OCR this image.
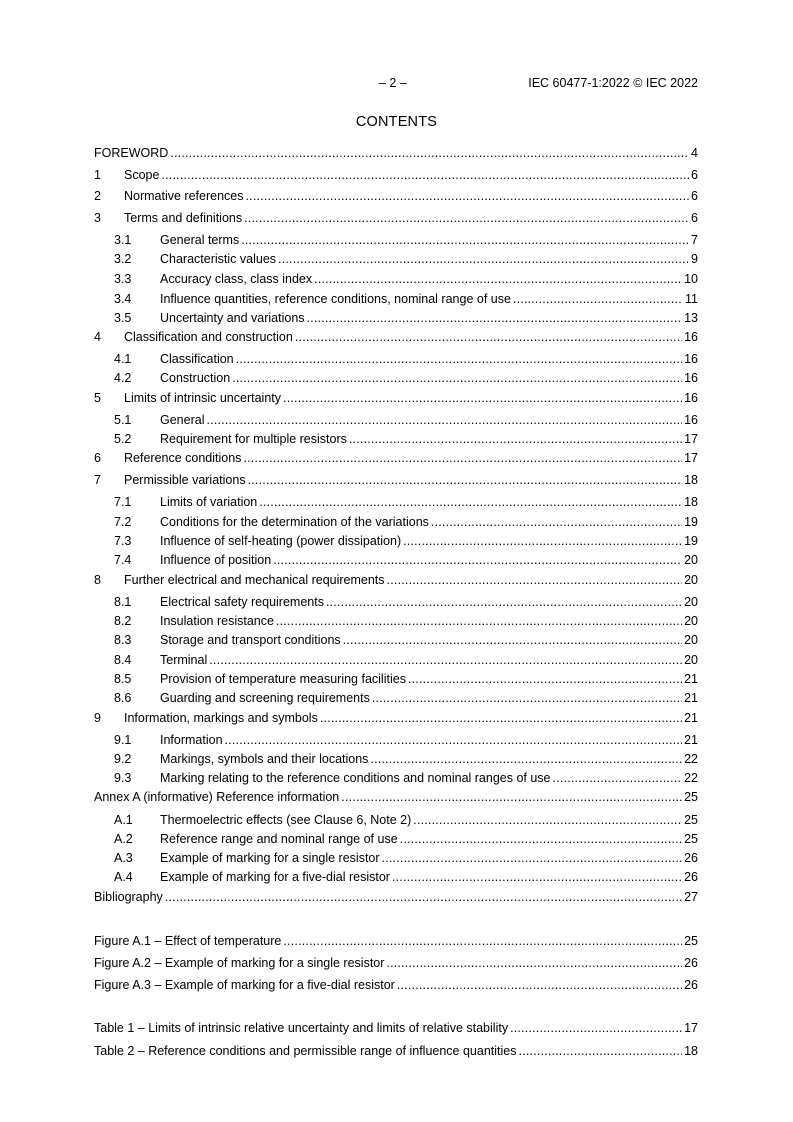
– 2 –	IEC 60477-1:2022 © IEC 2022
CONTENTS
FOREWORD .....	4
1	Scope .....	6
2	Normative references .....	6
3	Terms and definitions .....	6
3.1	General terms .....	7
3.2	Characteristic values .....	9
3.3	Accuracy class, class index .....	10
3.4	Influence quantities, reference conditions, nominal range of use .....	11
3.5	Uncertainty and variations .....	13
4	Classification and construction .....	16
4.1	Classification .....	16
4.2	Construction .....	16
5	Limits of intrinsic uncertainty .....	16
5.1	General .....	16
5.2	Requirement for multiple resistors .....	17
6	Reference conditions .....	17
7	Permissible variations .....	18
7.1	Limits of variation .....	18
7.2	Conditions for the determination of the variations .....	19
7.3	Influence of self-heating (power dissipation) .....	19
7.4	Influence of position .....	20
8	Further electrical and mechanical requirements .....	20
8.1	Electrical safety requirements .....	20
8.2	Insulation resistance .....	20
8.3	Storage and transport conditions .....	20
8.4	Terminal .....	20
8.5	Provision of temperature measuring facilities .....	21
8.6	Guarding and screening requirements .....	21
9	Information, markings and symbols .....	21
9.1	Information .....	21
9.2	Markings, symbols and their locations .....	22
9.3	Marking relating to the reference conditions and nominal ranges of use .....	22
Annex A (informative) Reference information .....	25
A.1	Thermoelectric effects (see Clause 6, Note 2) .....	25
A.2	Reference range and nominal range of use .....	25
A.3	Example of marking for a single resistor .....	26
A.4	Example of marking for a five-dial resistor .....	26
Bibliography .....	27
Figure A.1 – Effect of temperature .....	25
Figure A.2 – Example of marking for a single resistor .....	26
Figure A.3 – Example of marking for a five-dial resistor .....	26
Table 1 – Limits of intrinsic relative uncertainty and limits of relative stability .....	17
Table 2 – Reference conditions and permissible range of influence quantities .....	18
